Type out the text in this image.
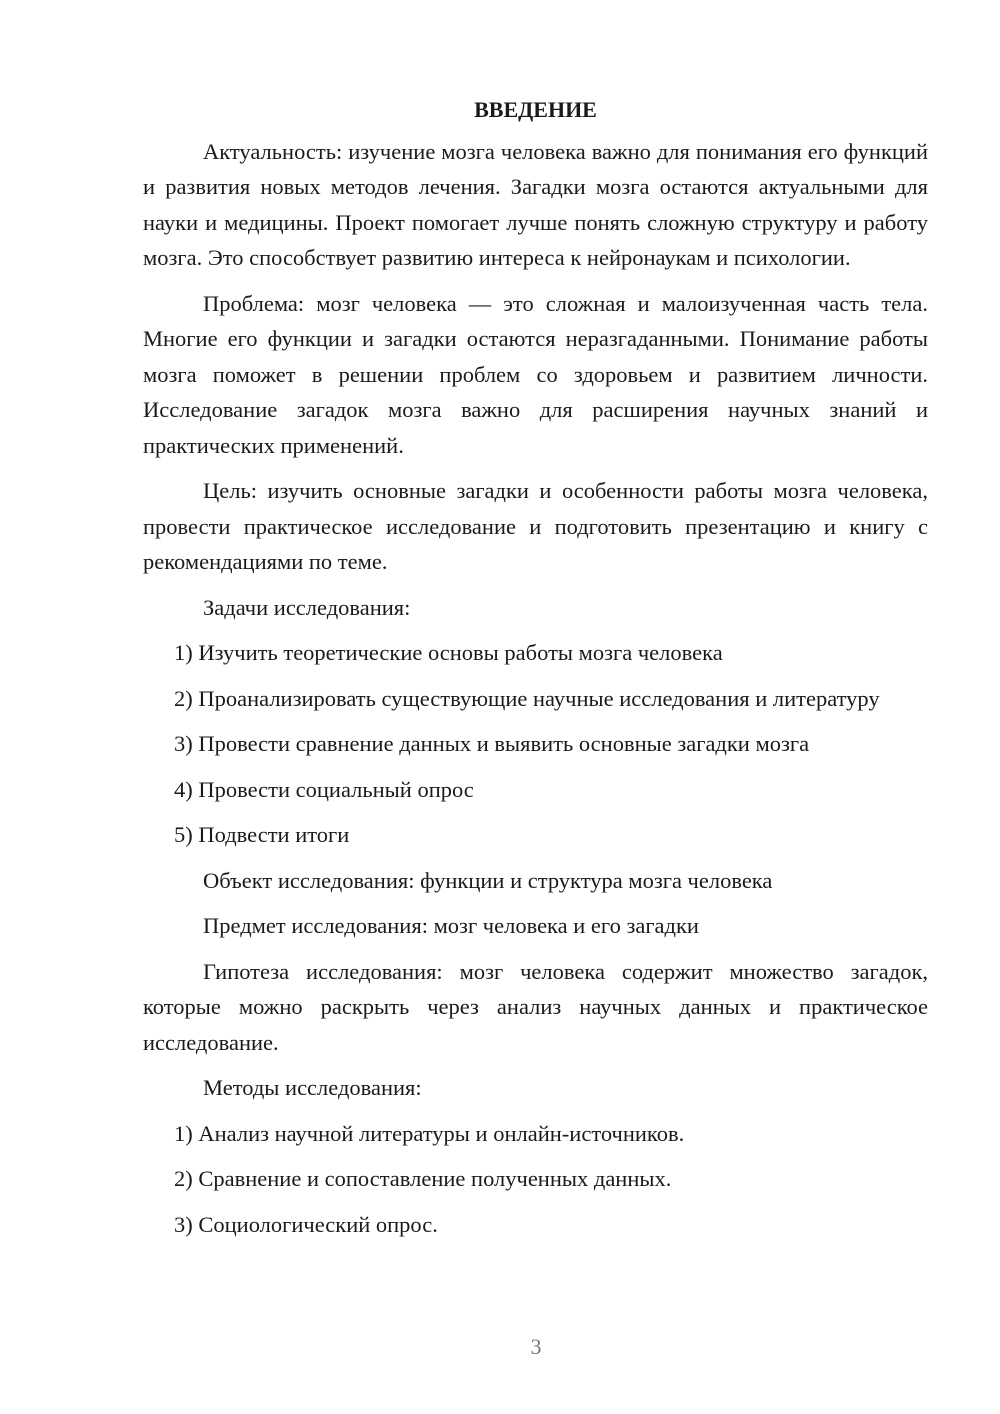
ВВЕДЕНИЕ

Актуальность: изучение мозга человека важно для понимания его функций и развития новых методов лечения. Загадки мозга остаются актуальными для науки и медицины. Проект помогает лучше понять сложную структуру и работу мозга. Это способствует развитию интереса к нейронаукам и психологии.

Проблема: мозг человека — это сложная и малоизученная часть тела. Многие его функции и загадки остаются неразгаданными. Понимание работы мозга поможет в решении проблем со здоровьем и развитием личности. Исследование загадок мозга важно для расширения научных знаний и практических применений.

Цель: изучить основные загадки и особенности работы мозга человека, провести практическое исследование и подготовить презентацию и книгу с рекомендациями по теме.

Задачи исследования:

1) Изучить теоретические основы работы мозга человека

2) Проанализировать существующие научные исследования и литературу

3) Провести сравнение данных и выявить основные загадки мозга

4) Провести социальный опрос

5) Подвести итоги

Объект исследования: функции и структура мозга человека

Предмет исследования: мозг человека и его загадки

Гипотеза исследования: мозг человека содержит множество загадок, которые можно раскрыть через анализ научных данных и практическое исследование.

Методы исследования:

1) Анализ научной литературы и онлайн-источников.

2) Сравнение и сопоставление полученных данных.

3) Социологический опрос.

3
